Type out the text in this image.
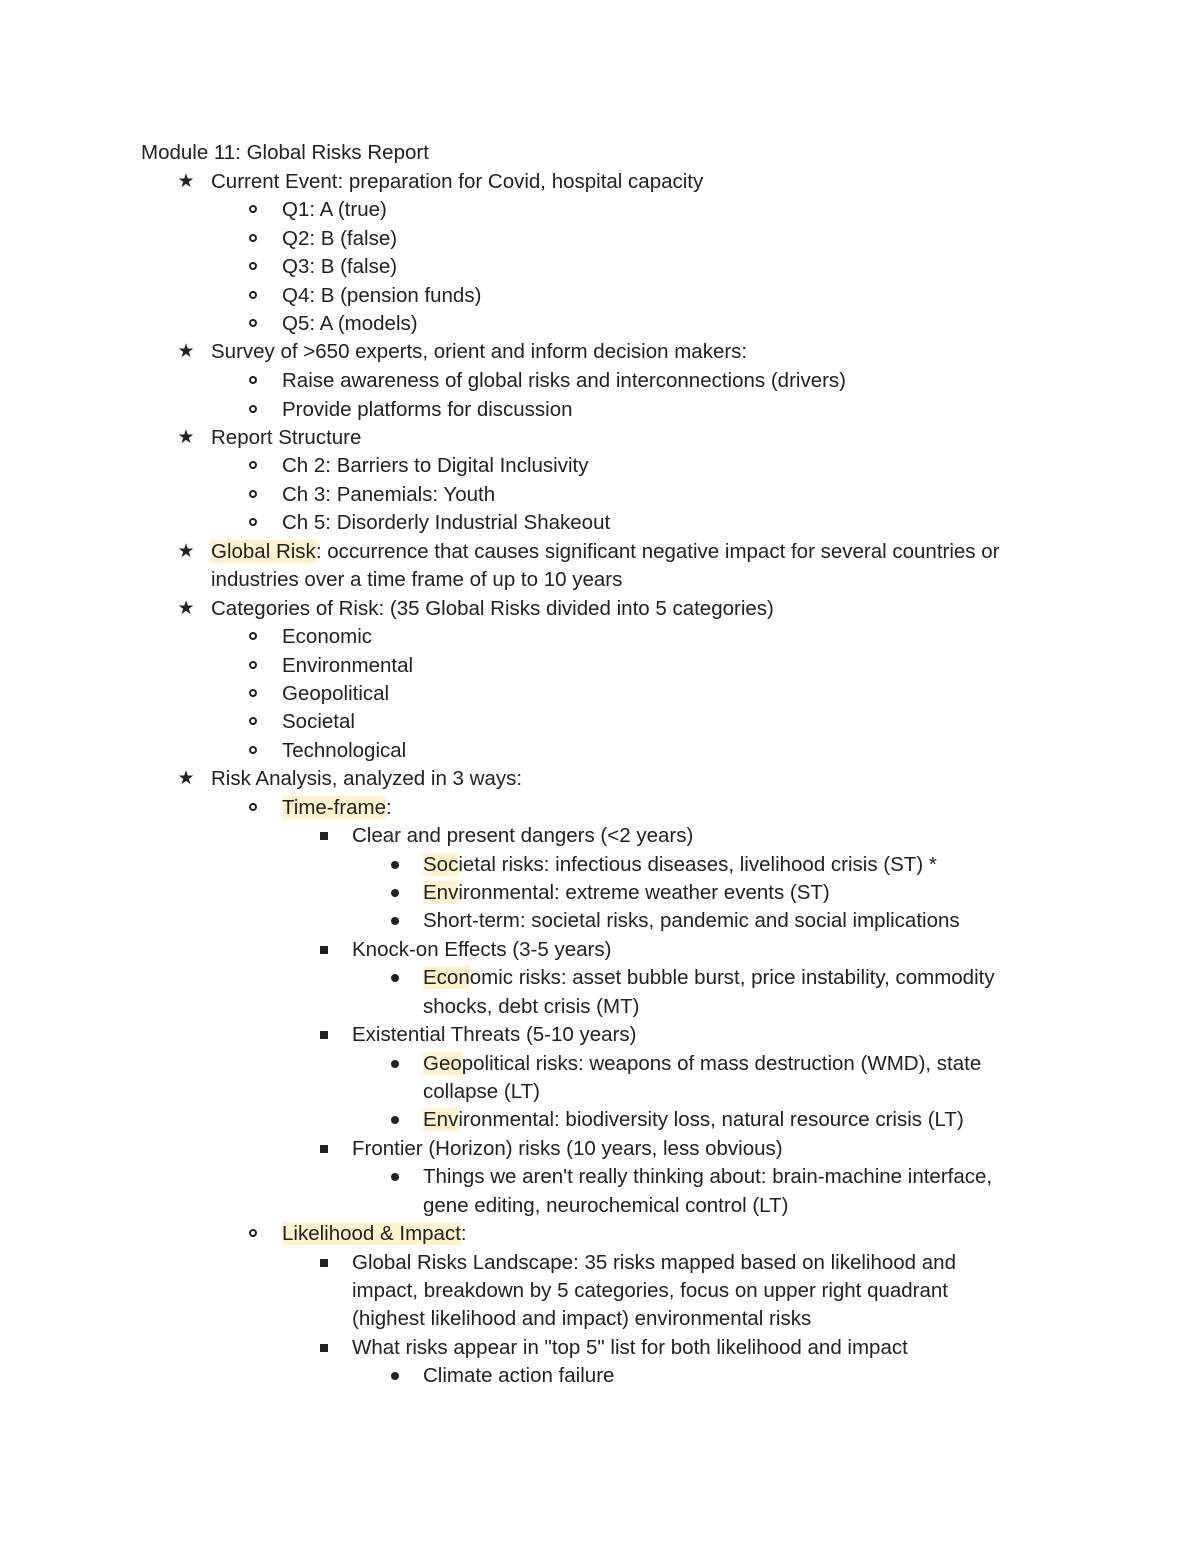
Module 11: Global Risks Report
★ Current Event: preparation for Covid, hospital capacity
Q1: A (true)
Q2: B (false)
Q3: B (false)
Q4: B (pension funds)
Q5: A (models)
★ Survey of >650 experts, orient and inform decision makers:
Raise awareness of global risks and interconnections (drivers)
Provide platforms for discussion
★ Report Structure
Ch 2: Barriers to Digital Inclusivity
Ch 3: Panemials: Youth
Ch 5: Disorderly Industrial Shakeout
★ Global Risk: occurrence that causes significant negative impact for several countries or
industries over a time frame of up to 10 years
★ Categories of Risk: (35 Global Risks divided into 5 categories)
Economic
Environmental
Geopolitical
Societal
Technological
★ Risk Analysis, analyzed in 3 ways:
Time-frame:
Clear and present dangers (<2 years)
Societal risks: infectious diseases, livelihood crisis (ST) *
Environmental: extreme weather events (ST)
Short-term: societal risks, pandemic and social implications
Knock-on Effects (3-5 years)
Economic risks: asset bubble burst, price instability, commodity
shocks, debt crisis (MT)
Existential Threats (5-10 years)
Geopolitical risks: weapons of mass destruction (WMD), state
collapse (LT)
Environmental: biodiversity loss, natural resource crisis (LT)
Frontier (Horizon) risks (10 years, less obvious)
Things we aren't really thinking about: brain-machine interface,
gene editing, neurochemical control (LT)
Likelihood & Impact:
Global Risks Landscape: 35 risks mapped based on likelihood and
impact, breakdown by 5 categories, focus on upper right quadrant
(highest likelihood and impact) environmental risks
What risks appear in "top 5" list for both likelihood and impact
Climate action failure
